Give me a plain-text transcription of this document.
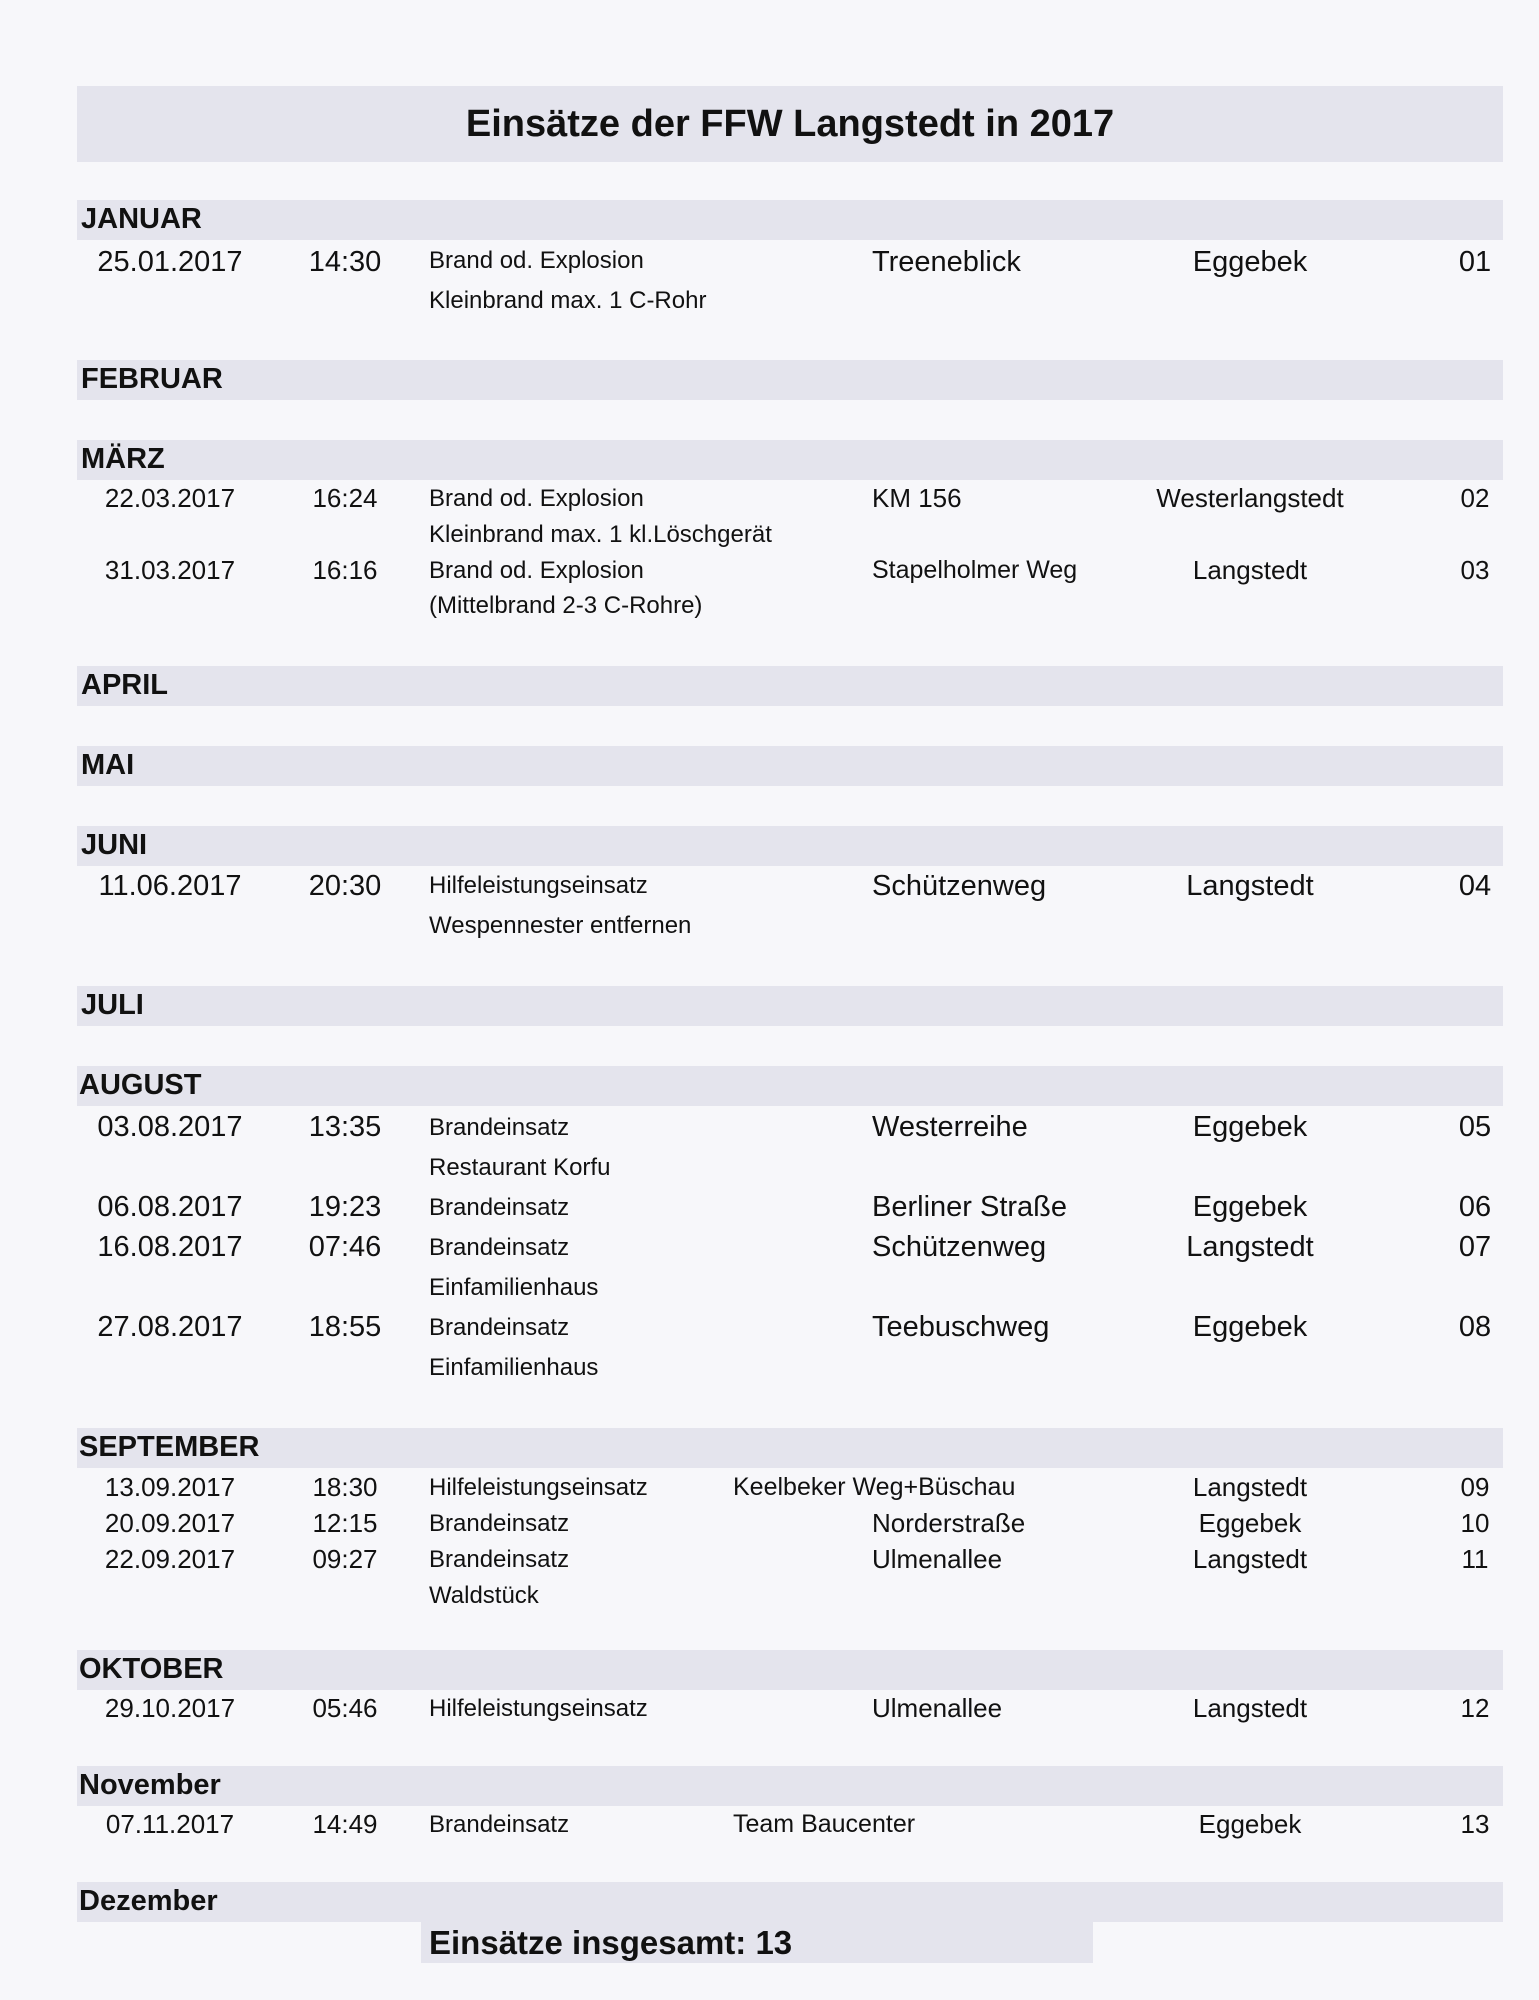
Einsätze der FFW Langstedt in 2017
JANUAR
25.01.2017	14:30	Brand od. Explosion
Kleinbrand max. 1 C-Rohr
Treeneblick	Eggebek	01
FEBRUAR
MÄRZ
22.03.2017	16:24	Brand od. Explosion
Kleinbrand max. 1 kl.Löschgerät
KM 156	Westerlangstedt	02
31.03.2017	16:16	Brand od. Explosion
(Mittelbrand 2-3 C-Rohre)
Stapelholmer Weg	Langstedt	03
APRIL
MAI
JUNI
11.06.2017	20:30	Hilfeleistungseinsatz
Wespennester entfernen
Schützenweg	Langstedt	04
JULI
AUGUST
03.08.2017	13:35	Brandeinsatz
Restaurant Korfu
Westerreihe	Eggebek	05
06.08.2017	19:23	Brandeinsatz	Berliner Straße	Eggebek	06
16.08.2017	07:46	Brandeinsatz
Einfamilienhaus
Schützenweg	Langstedt	07
27.08.2017	18:55	Brandeinsatz
Einfamilienhaus
Teebuschweg	Eggebek	08
SEPTEMBER
13.09.2017	18:30	Hilfeleistungseinsatz	Keelbeker Weg+Büschau	Langstedt	09
20.09.2017	12:15	Brandeinsatz	Norderstraße	Eggebek	10
22.09.2017	09:27	Brandeinsatz
Waldstück
Ulmenallee	Langstedt	11
OKTOBER
29.10.2017	05:46	Hilfeleistungseinsatz	Ulmenallee	Langstedt	12
November
07.11.2017	14:49	Brandeinsatz	Team Baucenter	Eggebek	13
Dezember
Einsätze insgesamt: 13
